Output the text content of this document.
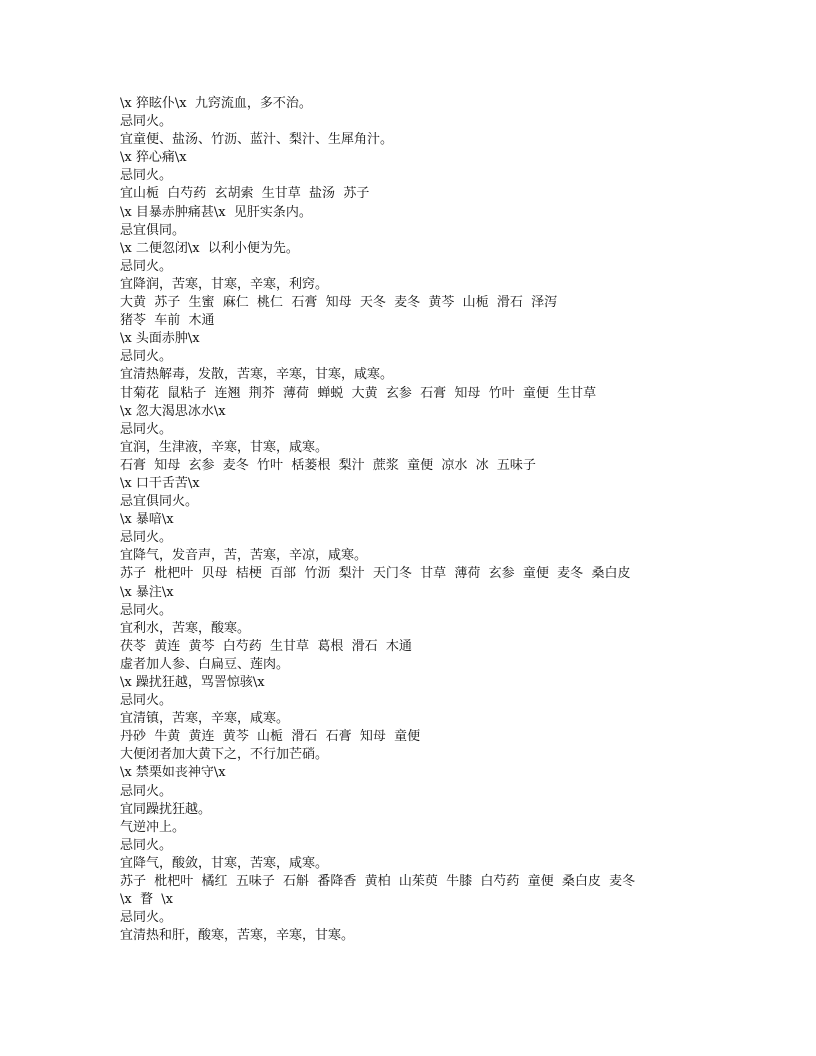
\x 猝眩仆\x  九窍流血，多不治。

忌同火。

宜童便、盐汤、竹沥、蓝汁、梨汁、生犀角汁。

\x 猝心痛\x

忌同火。

宜山栀  白芍药  玄胡索  生甘草  盐汤  苏子

\x 目暴赤肿痛甚\x  见肝实条内。

忌宜俱同。

\x 二便忽闭\x  以利小便为先。

忌同火。

宜降润，苦寒，甘寒，辛寒，利窍。

大黄  苏子  生蜜  麻仁  桃仁  石膏  知母  天冬  麦冬  黄芩  山栀  滑石  泽泻

猪苓  车前  木通

\x 头面赤肿\x

忌同火。

宜清热解毒，发散，苦寒，辛寒，甘寒，咸寒。

甘菊花  鼠粘子  连翘  荆芥  薄荷  蝉蜕  大黄  玄参  石膏  知母  竹叶  童便  生甘草

\x 忽大渴思冰水\x

忌同火。

宜润，生津液，辛寒，甘寒，咸寒。

石膏  知母  玄参  麦冬  竹叶  栝蒌根  梨汁  蔗浆  童便  凉水  冰  五味子

\x 口干舌苦\x

忌宜俱同火。

\x 暴喑\x

忌同火。

宜降气，发音声，苦，苦寒，辛凉，咸寒。

苏子  枇杷叶  贝母  桔梗  百部  竹沥  梨汁  天门冬  甘草  薄荷  玄参  童便  麦冬  桑白皮

\x 暴注\x

忌同火。

宜利水，苦寒，酸寒。

茯苓  黄连  黄芩  白芍药  生甘草  葛根  滑石  木通

虚者加人参、白扁豆、莲肉。

\x 躁扰狂越，骂詈惊骇\x

忌同火。

宜清镇，苦寒，辛寒，咸寒。

丹砂  牛黄  黄连  黄芩  山栀  滑石  石膏  知母  童便

大便闭者加大黄下之，不行加芒硝。

\x 禁栗如丧神守\x

忌同火。

宜同躁扰狂越。

气逆冲上。

忌同火。

宜降气，酸敛，甘寒，苦寒，咸寒。

苏子  枇杷叶  橘红  五味子  石斛  番降香  黄柏  山茱萸  牛膝  白芍药  童便  桑白皮  麦冬

\x  瞀  \x

忌同火。

宜清热和肝，酸寒，苦寒，辛寒，甘寒。
